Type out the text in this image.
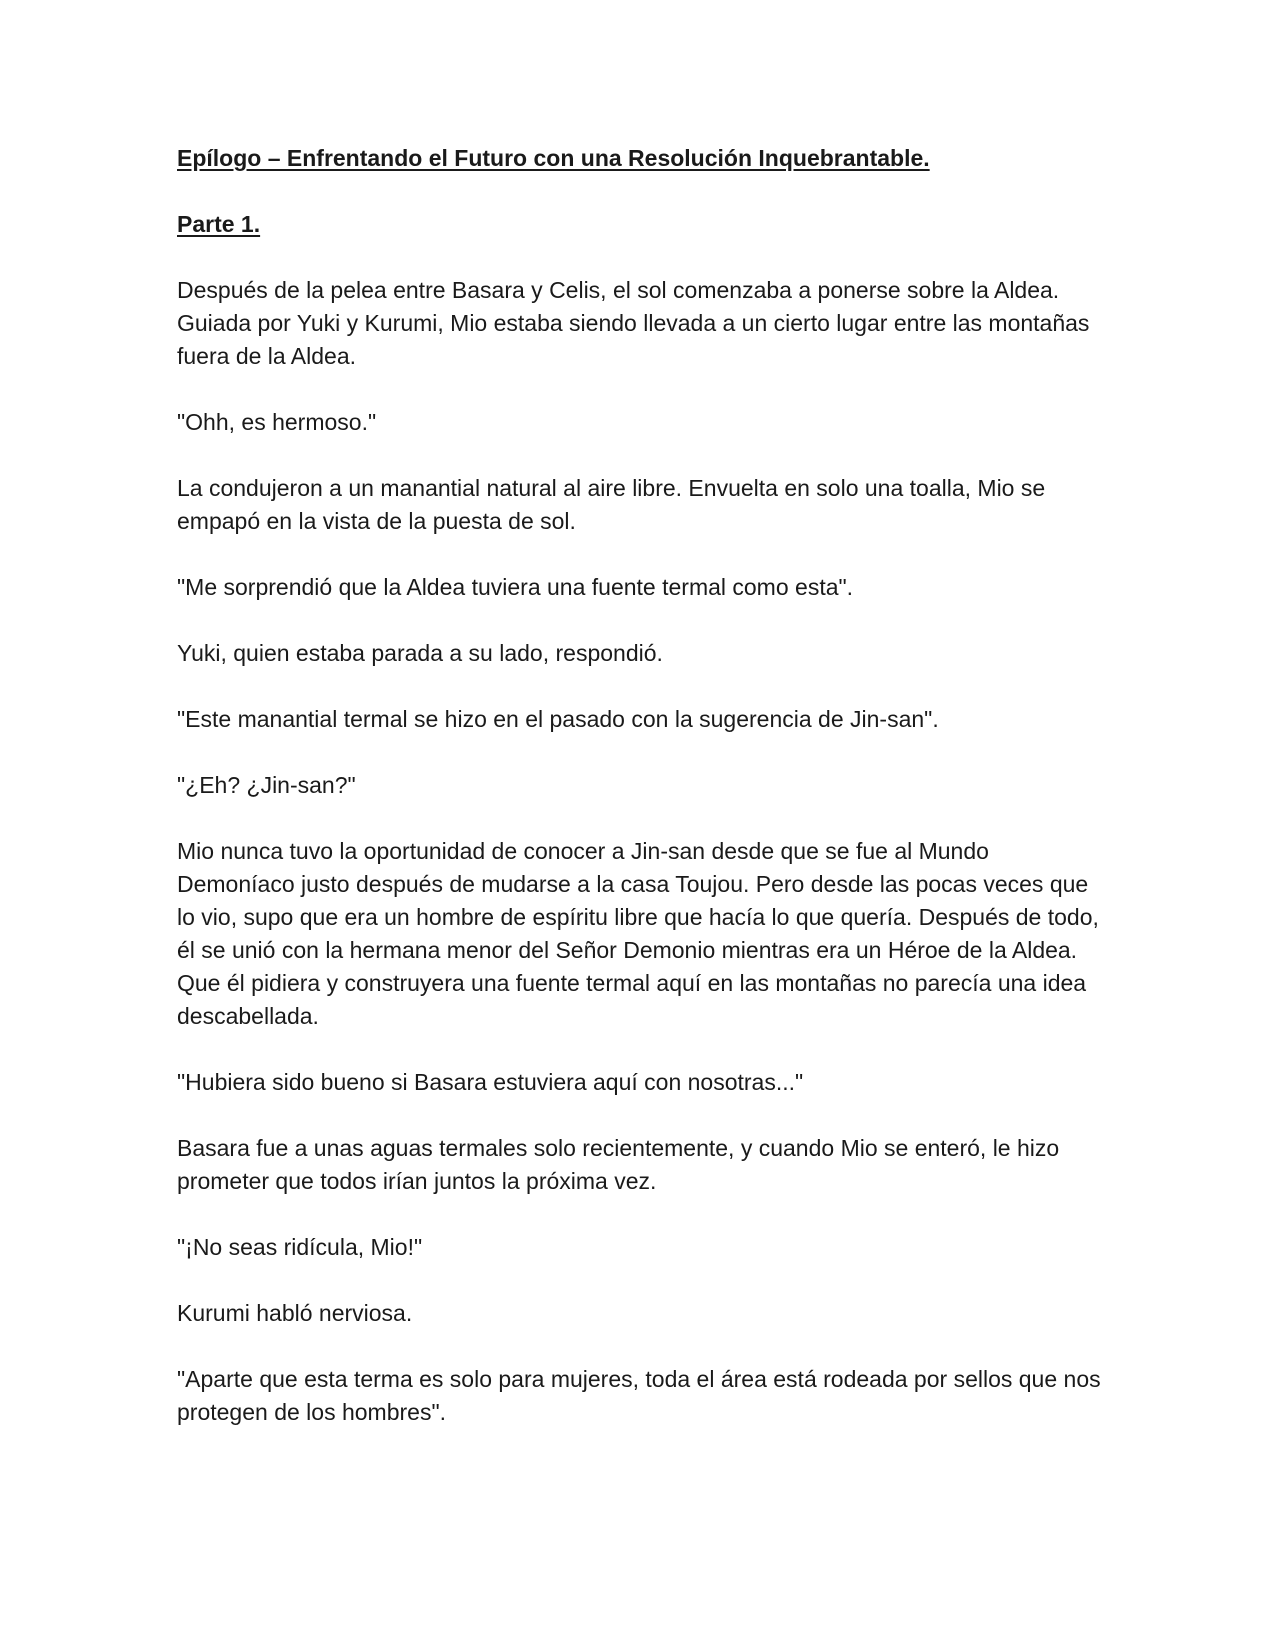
Epílogo – Enfrentando el Futuro con una Resolución Inquebrantable.

Parte 1.

Después de la pelea entre Basara y Celis, el sol comenzaba a ponerse sobre la Aldea. Guiada por Yuki y Kurumi, Mio estaba siendo llevada a un cierto lugar entre las montañas fuera de la Aldea.

"Ohh, es hermoso."

La condujeron a un manantial natural al aire libre. Envuelta en solo una toalla, Mio se empapó en la vista de la puesta de sol.

"Me sorprendió que la Aldea tuviera una fuente termal como esta".

Yuki, quien estaba parada a su lado, respondió.

"Este manantial termal se hizo en el pasado con la sugerencia de Jin-san".

"¿Eh? ¿Jin-san?"

Mio nunca tuvo la oportunidad de conocer a Jin-san desde que se fue al Mundo Demoníaco justo después de mudarse a la casa Toujou. Pero desde las pocas veces que lo vio, supo que era un hombre de espíritu libre que hacía lo que quería. Después de todo, él se unió con la hermana menor del Señor Demonio mientras era un Héroe de la Aldea. Que él pidiera y construyera una fuente termal aquí en las montañas no parecía una idea descabellada.

"Hubiera sido bueno si Basara estuviera aquí con nosotras..."

Basara fue a unas aguas termales solo recientemente, y cuando Mio se enteró, le hizo prometer que todos irían juntos la próxima vez.

"¡No seas ridícula, Mio!"

Kurumi habló nerviosa.

"Aparte que esta terma es solo para mujeres, toda el área está rodeada por sellos que nos protegen de los hombres".
